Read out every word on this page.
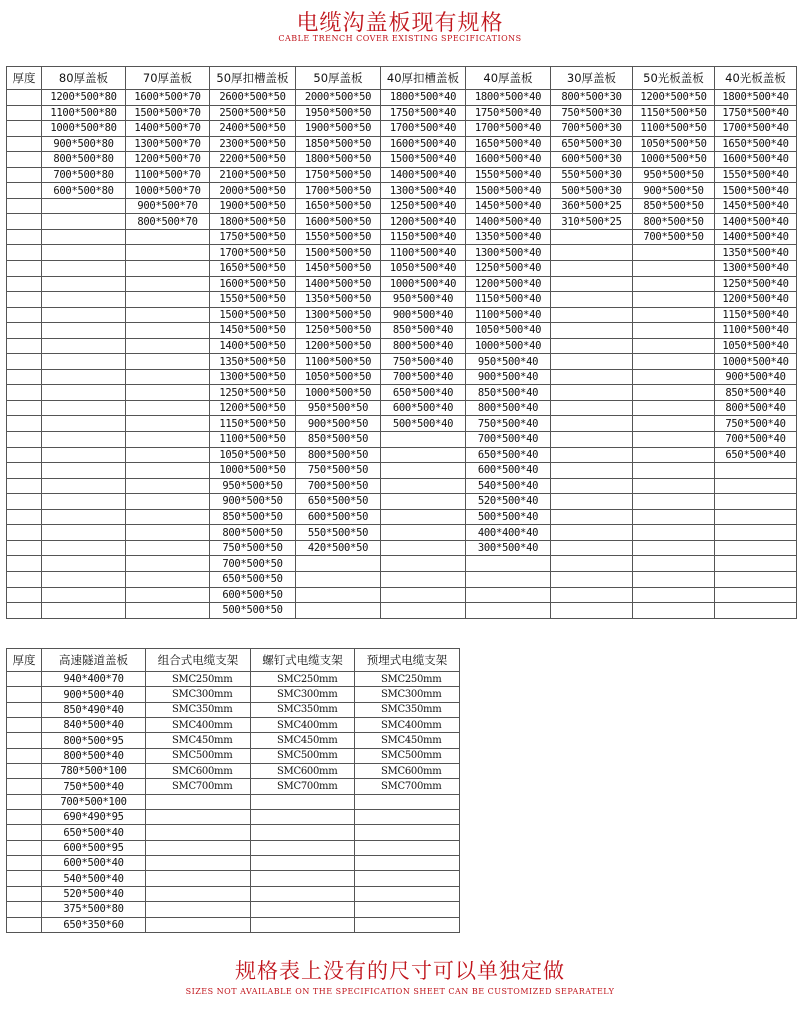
电缆沟盖板现有规格
CABLE TRENCH COVER EXISTING SPECIFICATIONS
厚度	80厚盖板	70厚盖板	50厚扣槽盖板	50厚盖板	40厚扣槽盖板	40厚盖板	30厚盖板	50光板盖板	40光板盖板
	1200*500*80	1600*500*70	2600*500*50	2000*500*50	1800*500*40	1800*500*40	800*500*30	1200*500*50	1800*500*40
	1100*500*80	1500*500*70	2500*500*50	1950*500*50	1750*500*40	1750*500*40	750*500*30	1150*500*50	1750*500*40
	1000*500*80	1400*500*70	2400*500*50	1900*500*50	1700*500*40	1700*500*40	700*500*30	1100*500*50	1700*500*40
	900*500*80	1300*500*70	2300*500*50	1850*500*50	1600*500*40	1650*500*40	650*500*30	1050*500*50	1650*500*40
	800*500*80	1200*500*70	2200*500*50	1800*500*50	1500*500*40	1600*500*40	600*500*30	1000*500*50	1600*500*40
	700*500*80	1100*500*70	2100*500*50	1750*500*50	1400*500*40	1550*500*40	550*500*30	950*500*50	1550*500*40
	600*500*80	1000*500*70	2000*500*50	1700*500*50	1300*500*40	1500*500*40	500*500*30	900*500*50	1500*500*40
		900*500*70	1900*500*50	1650*500*50	1250*500*40	1450*500*40	360*500*25	850*500*50	1450*500*40
		800*500*70	1800*500*50	1600*500*50	1200*500*40	1400*500*40	310*500*25	800*500*50	1400*500*40
			1750*500*50	1550*500*50	1150*500*40	1350*500*40		700*500*50	1400*500*40
			1700*500*50	1500*500*50	1100*500*40	1300*500*40			1350*500*40
			1650*500*50	1450*500*50	1050*500*40	1250*500*40			1300*500*40
			1600*500*50	1400*500*50	1000*500*40	1200*500*40			1250*500*40
			1550*500*50	1350*500*50	950*500*40	1150*500*40			1200*500*40
			1500*500*50	1300*500*50	900*500*40	1100*500*40			1150*500*40
			1450*500*50	1250*500*50	850*500*40	1050*500*40			1100*500*40
			1400*500*50	1200*500*50	800*500*40	1000*500*40			1050*500*40
			1350*500*50	1100*500*50	750*500*40	950*500*40			1000*500*40
			1300*500*50	1050*500*50	700*500*40	900*500*40			900*500*40
			1250*500*50	1000*500*50	650*500*40	850*500*40			850*500*40
			1200*500*50	950*500*50	600*500*40	800*500*40			800*500*40
			1150*500*50	900*500*50	500*500*40	750*500*40			750*500*40
			1100*500*50	850*500*50		700*500*40			700*500*40
			1050*500*50	800*500*50		650*500*40			650*500*40
			1000*500*50	750*500*50		600*500*40			
			950*500*50	700*500*50		540*500*40			
			900*500*50	650*500*50		520*500*40			
			850*500*50	600*500*50		500*500*40			
			800*500*50	550*500*50		400*400*40			
			750*500*50	420*500*50		300*500*40			
			700*500*50						
			650*500*50						
			600*500*50						
			500*500*50						
厚度	高速隧道盖板	组合式电缆支架	螺钉式电缆支架	预埋式电缆支架
	940*400*70	SMC250mm	SMC250mm	SMC250mm
	900*500*40	SMC300mm	SMC300mm	SMC300mm
	850*490*40	SMC350mm	SMC350mm	SMC350mm
	840*500*40	SMC400mm	SMC400mm	SMC400mm
	800*500*95	SMC450mm	SMC450mm	SMC450mm
	800*500*40	SMC500mm	SMC500mm	SMC500mm
	780*500*100	SMC600mm	SMC600mm	SMC600mm
	750*500*40	SMC700mm	SMC700mm	SMC700mm
	700*500*100			
	690*490*95			
	650*500*40			
	600*500*95			
	600*500*40			
	540*500*40			
	520*500*40			
	375*500*80			
	650*350*60			
规格表上没有的尺寸可以单独定做
SIZES NOT AVAILABLE ON THE SPECIFICATION SHEET CAN BE CUSTOMIZED SEPARATELY
